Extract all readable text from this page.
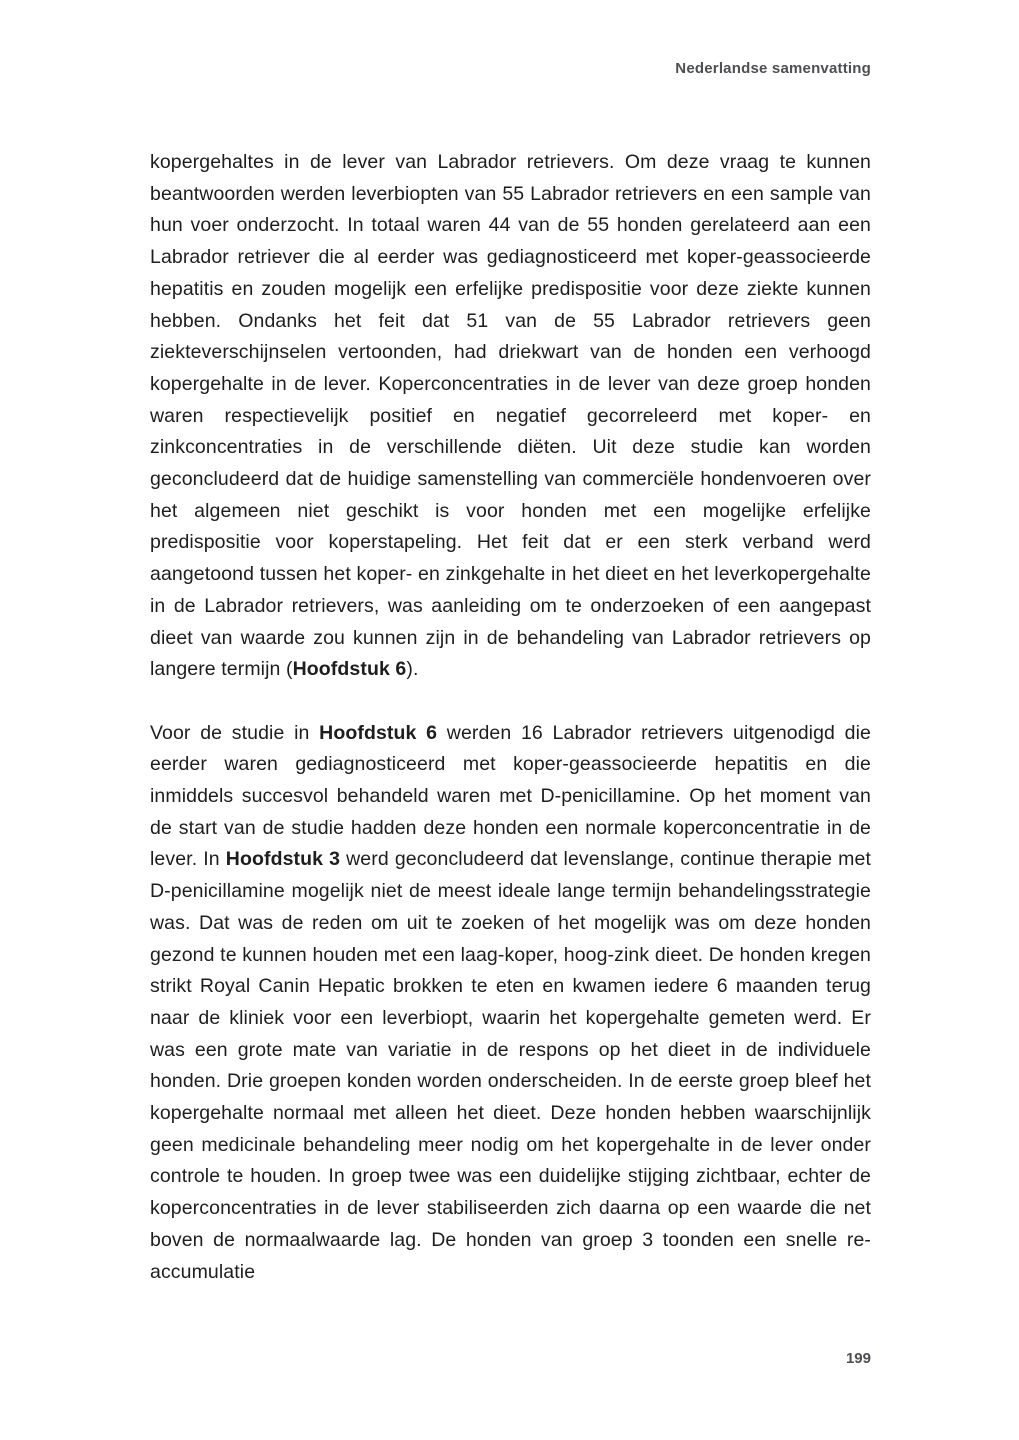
Nederlandse samenvatting

kopergehaltes in de lever van Labrador retrievers. Om deze vraag te kunnen beantwoorden werden leverbiopten van 55 Labrador retrievers en een sample van hun voer onderzocht. In totaal waren 44 van de 55 honden gerelateerd aan een Labrador retriever die al eerder was gediagnosticeerd met koper-geassocieerde hepatitis en zouden mogelijk een erfelijke predispositie voor deze ziekte kunnen hebben. Ondanks het feit dat 51 van de 55 Labrador retrievers geen ziekteverschijnselen vertoonden, had driekwart van de honden een verhoogd kopergehalte in de lever. Koperconcentraties in de lever van deze groep honden waren respectievelijk positief en negatief gecorreleerd met koper- en zinkconcentraties in de verschillende diëten. Uit deze studie kan worden geconcludeerd dat de huidige samenstelling van commerciële hondenvoeren over het algemeen niet geschikt is voor honden met een mogelijke erfelijke predispositie voor koperstapeling. Het feit dat er een sterk verband werd aangetoond tussen het koper- en zinkgehalte in het dieet en het leverkopergehalte in de Labrador retrievers, was aanleiding om te onderzoeken of een aangepast dieet van waarde zou kunnen zijn in de behandeling van Labrador retrievers op langere termijn (Hoofdstuk 6).

Voor de studie in Hoofdstuk 6 werden 16 Labrador retrievers uitgenodigd die eerder waren gediagnosticeerd met koper-geassocieerde hepatitis en die inmiddels succesvol behandeld waren met D-penicillamine. Op het moment van de start van de studie hadden deze honden een normale koperconcentratie in de lever. In Hoofdstuk 3 werd geconcludeerd dat levenslange, continue therapie met D-penicillamine mogelijk niet de meest ideale lange termijn behandelingsstrategie was. Dat was de reden om uit te zoeken of het mogelijk was om deze honden gezond te kunnen houden met een laag-koper, hoog-zink dieet. De honden kregen strikt Royal Canin Hepatic brokken te eten en kwamen iedere 6 maanden terug naar de kliniek voor een leverbiopt, waarin het kopergehalte gemeten werd. Er was een grote mate van variatie in de respons op het dieet in de individuele honden. Drie groepen konden worden onderscheiden. In de eerste groep bleef het kopergehalte normaal met alleen het dieet. Deze honden hebben waarschijnlijk geen medicinale behandeling meer nodig om het kopergehalte in de lever onder controle te houden. In groep twee was een duidelijke stijging zichtbaar, echter de koperconcentraties in de lever stabiliseerden zich daarna op een waarde die net boven de normaalwaarde lag. De honden van groep 3 toonden een snelle re-accumulatie

199
